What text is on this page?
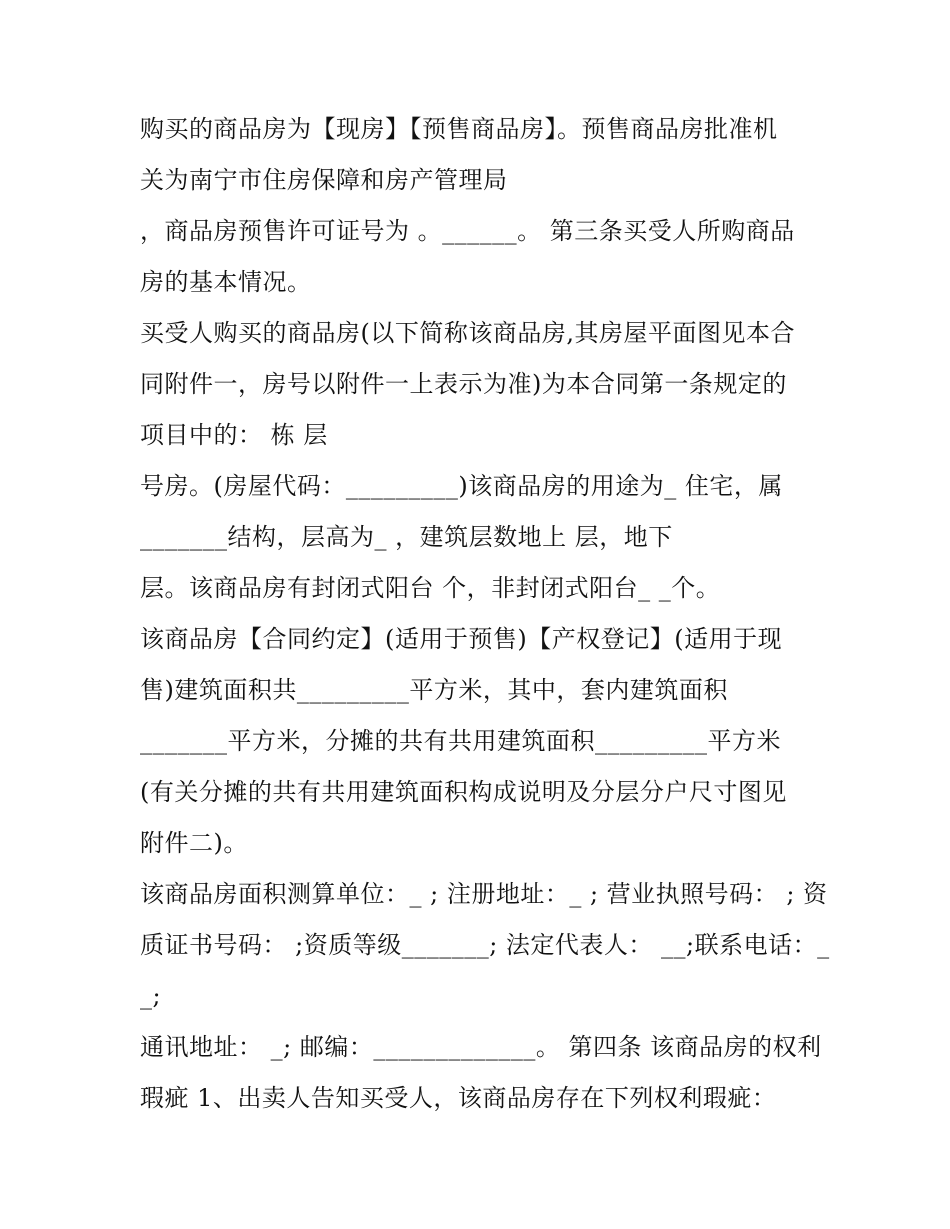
购买的商品房为【现房】【预售商品房】。预售商品房批准机
关为南宁市住房保障和房产管理局
，商品房预售许可证号为 。______。 第三条买受人所购商品
房的基本情况。
买受人购买的商品房(以下简称该商品房,其房屋平面图见本合
同附件一，房号以附件一上表示为准)为本合同第一条规定的
项目中的： 栋 层
号房。(房屋代码：_________)该商品房的用途为_ 住宅，属
_______结构，层高为_ ，建筑层数地上 层，地下
层。该商品房有封闭式阳台 个，非封闭式阳台_ _个。
该商品房【合同约定】(适用于预售)【产权登记】(适用于现
售)建筑面积共_________平方米，其中，套内建筑面积
_______平方米，分摊的共有共用建筑面积_________平方米
(有关分摊的共有共用建筑面积构成说明及分层分户尺寸图见
附件二)。
该商品房面积测算单位：_ ; 注册地址：_ ; 营业执照号码： ; 资
质证书号码： ;资质等级_______; 法定代表人： __;联系电话：_
_;
通讯地址： _; 邮编：_____________。 第四条 该商品房的权利
瑕疵 1、出卖人告知买受人，该商品房存在下列权利瑕疵：
